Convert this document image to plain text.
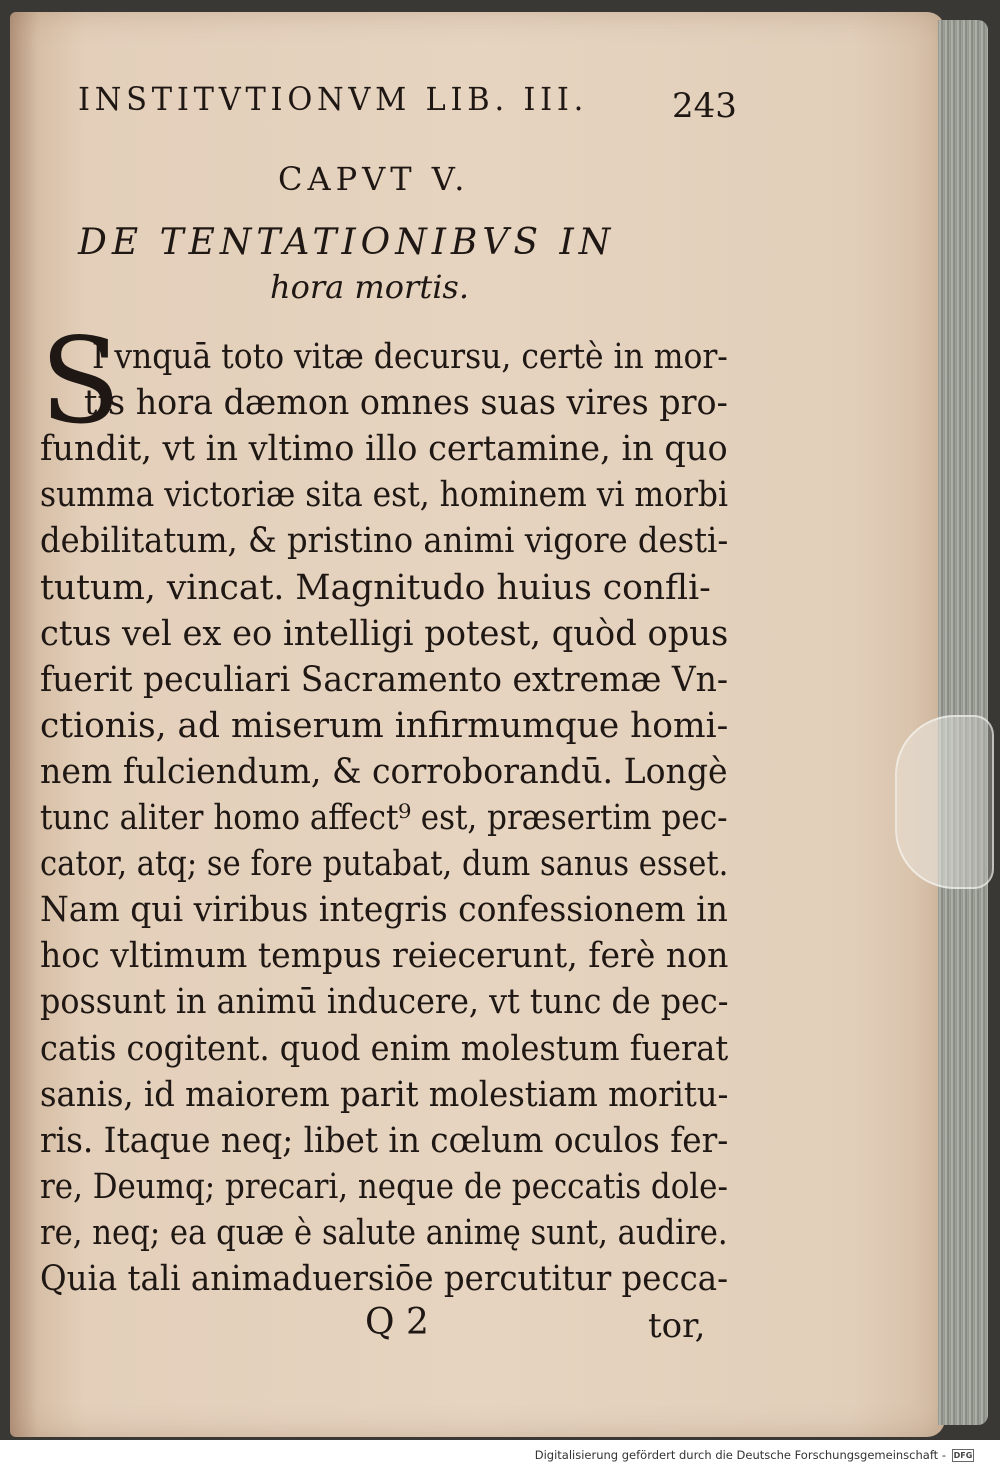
INSTITVTIONVM LIB. III. 243
CAPVT V.
DE TENTATIONIBVS IN
hora mortis.
S
I vnquā toto vitæ decursu, certè in mor-
tis hora dæmon omnes suas vires pro-
fundit, vt in vltimo illo certamine, in quo
summa victoriæ sita est, hominem vi morbi
debilitatum, & pristino animi vigore desti-
tutum, vincat. Magnitudo huius confli-
ctus vel ex eo intelligi potest, quòd opus
fuerit peculiari Sacramento extremæ Vn-
ctionis, ad miserum infirmumque homi-
nem fulciendum, & corroborandū. Longè
tunc aliter homo affect⁹ est, præsertim pec-
cator, atq; se fore putabat, dum sanus esset.
Nam qui viribus integris confessionem in
hoc vltimum tempus reiecerunt, ferè non
possunt in animū inducere, vt tunc de pec-
catis cogitent. quod enim molestum fuerat
sanis, id maiorem parit molestiam moritu-
ris. Itaque neq; libet in cœlum oculos fer-
re, Deumq; precari, neque de peccatis dole-
re, neq; ea quæ è salute animę sunt, audire.
Quia tali animaduersiōe percutitur pecca-
Q 2	tor,
Digitalisierung gefördert durch die Deutsche Forschungsgemeinschaft - DFG
